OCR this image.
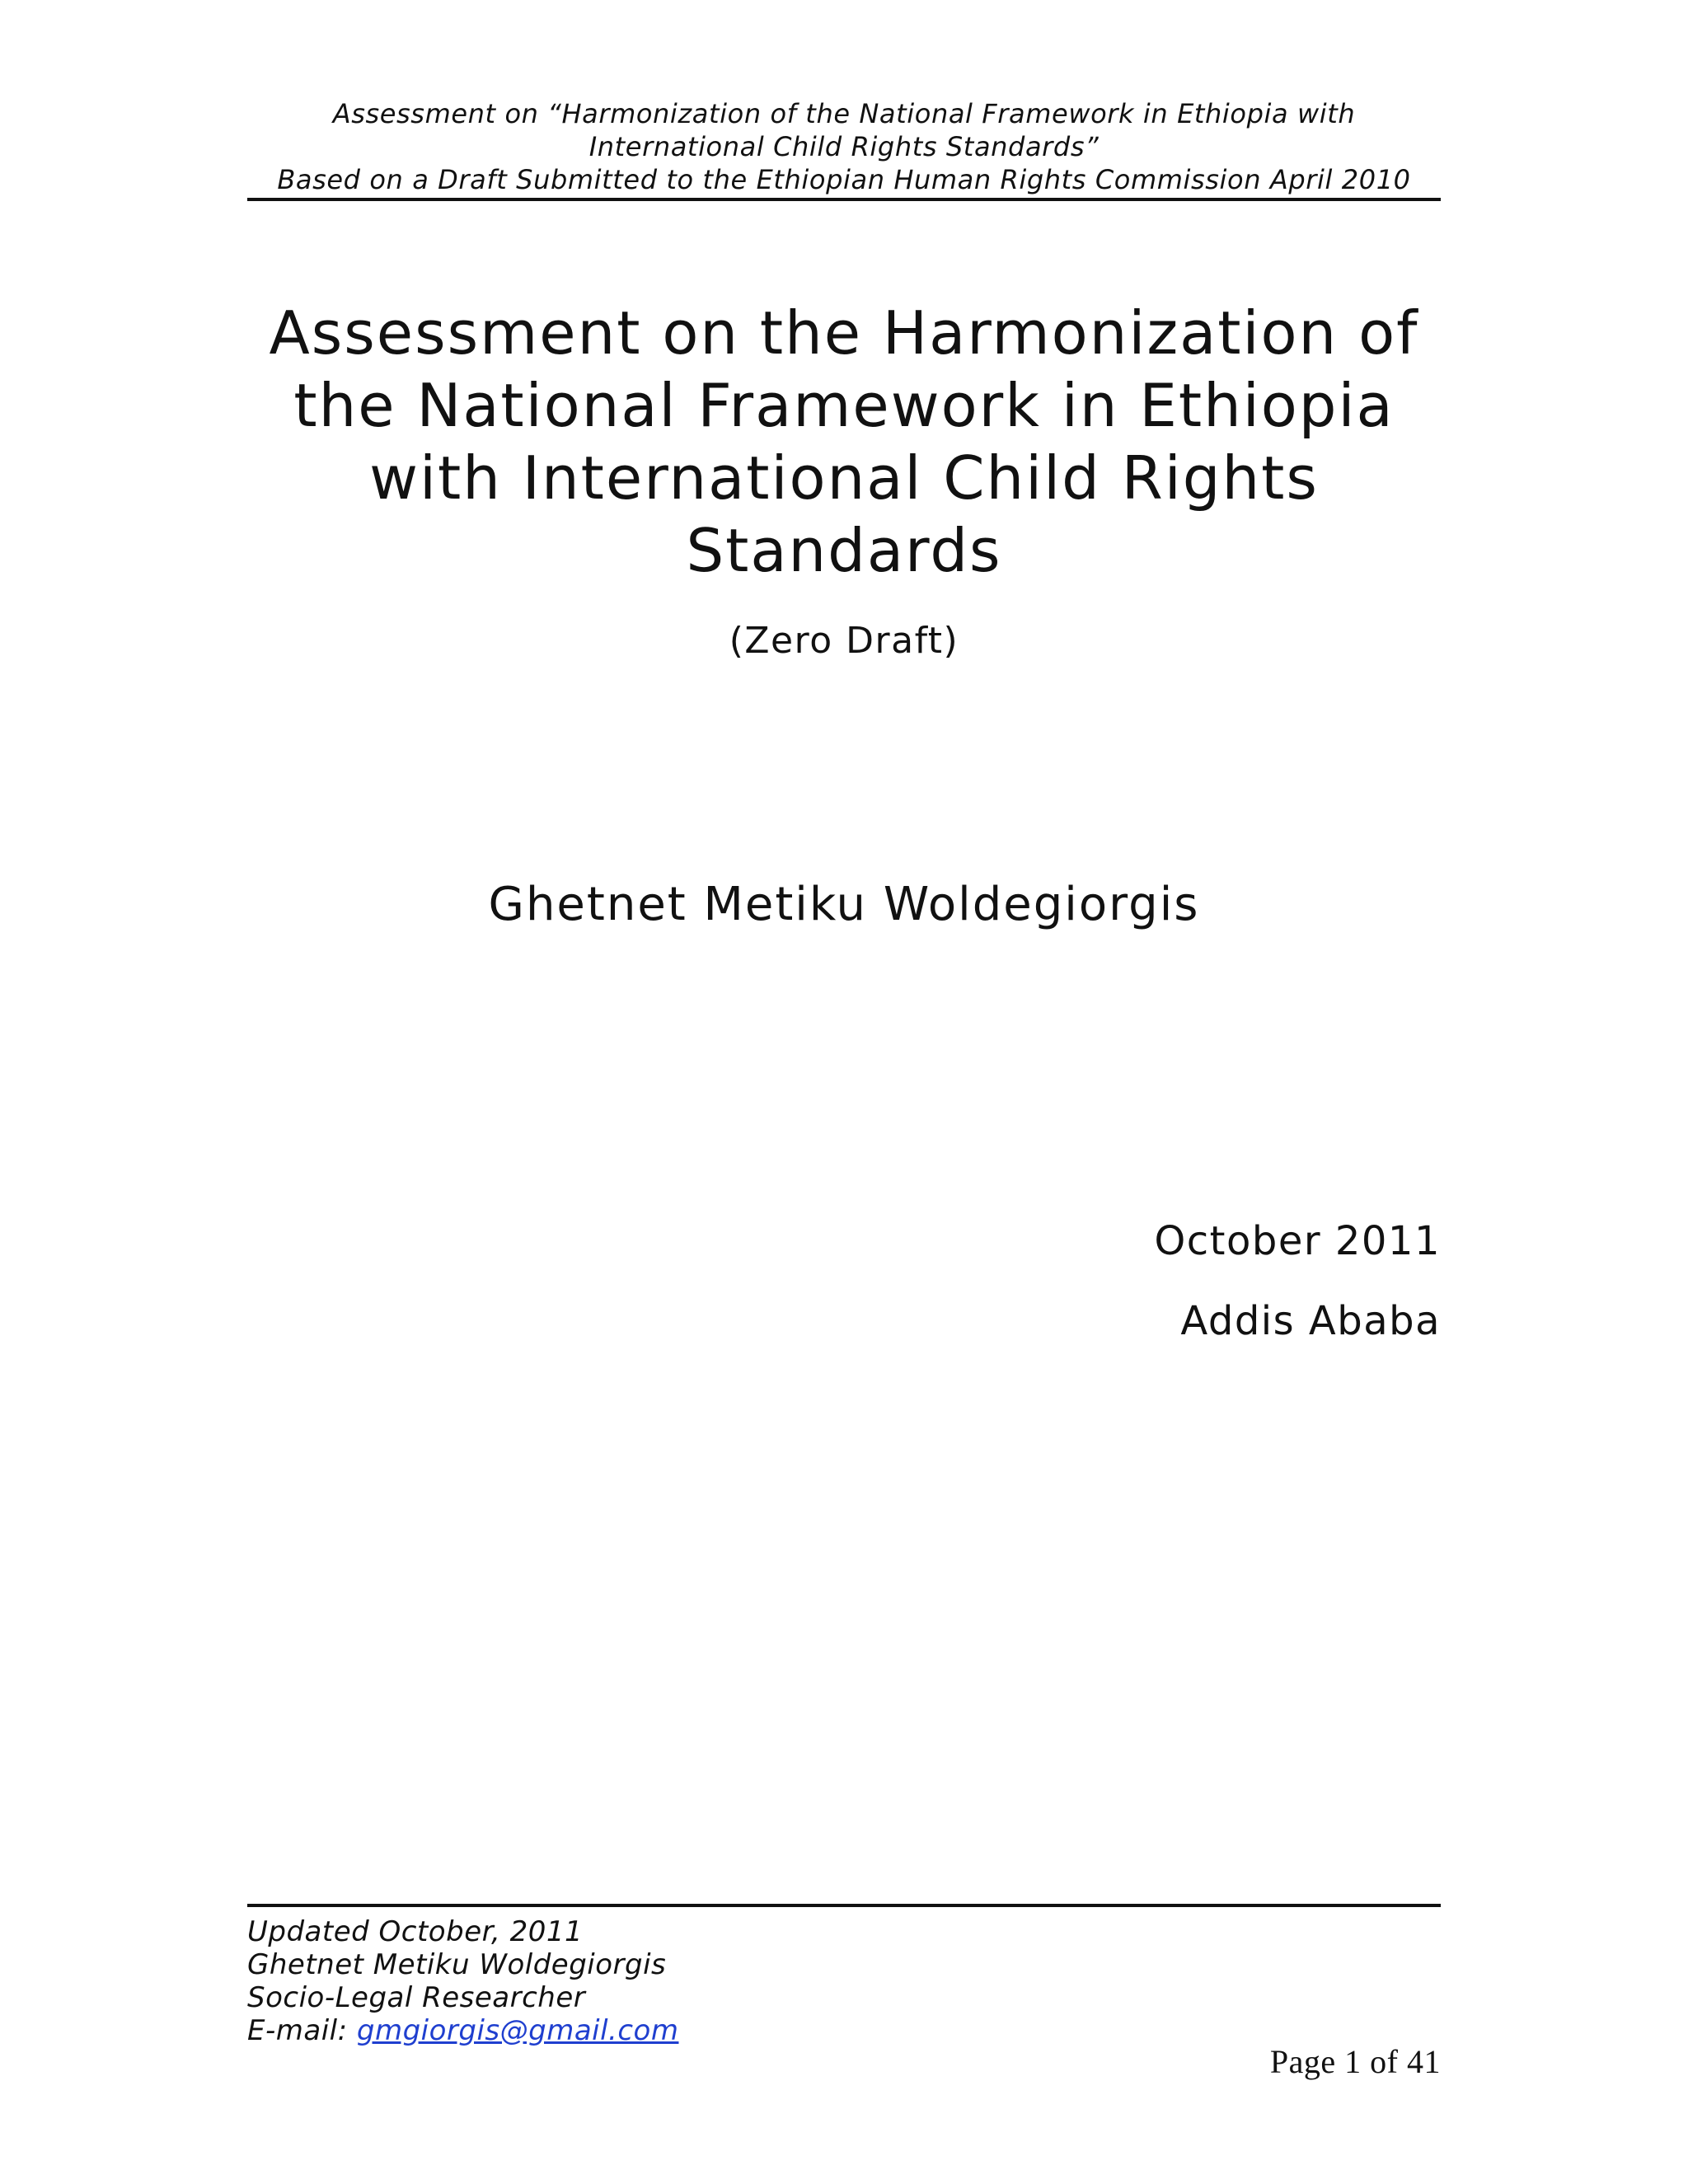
Assessment on “Harmonization of the National Framework in Ethiopia with
International Child Rights Standards”
Based on a Draft Submitted to the Ethiopian Human Rights Commission April 2010
Assessment on the Harmonization of
the National Framework in Ethiopia
with International Child Rights
Standards
(Zero Draft)
Ghetnet Metiku Woldegiorgis
October 2011
Addis Ababa
Updated October, 2011
Ghetnet Metiku Woldegiorgis
Socio-Legal Researcher
E-mail: gmgiorgis@gmail.com
Page 1 of 41
